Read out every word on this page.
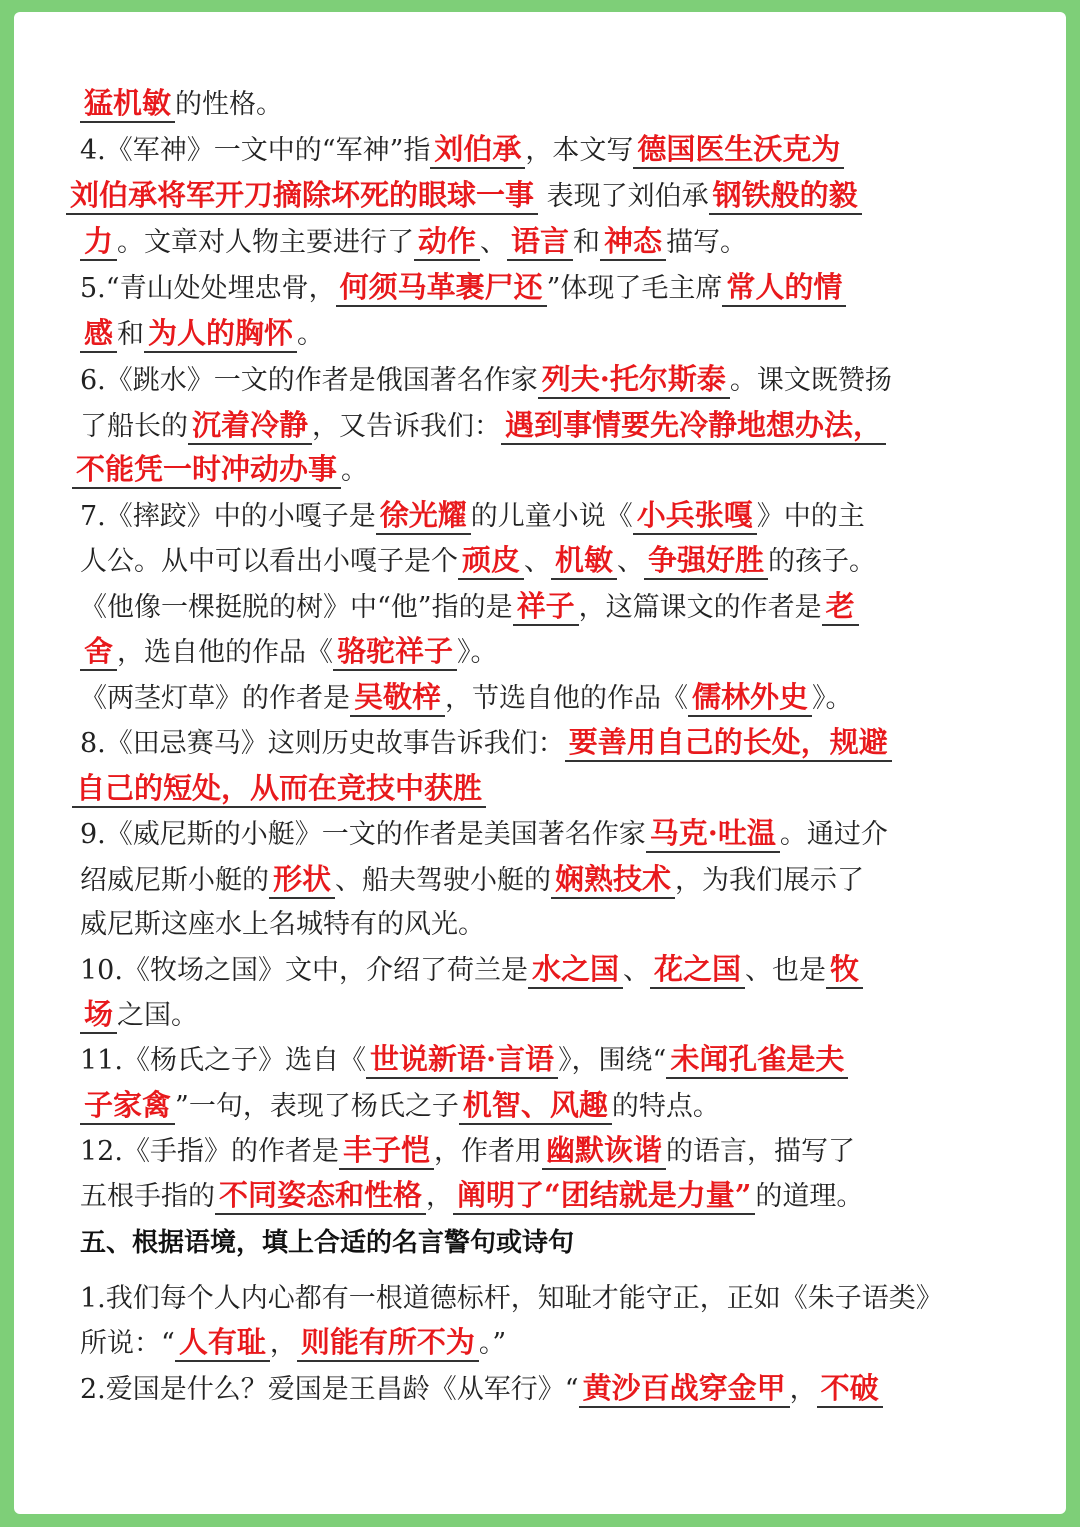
猛机敏 的性格。
4.《军神》一文中的“军神”指 刘伯承 ，本文写 德国医生沃克为
刘伯承将军开刀摘除坏死的眼球一事 表现了刘伯承 钢铁般的毅
力 。文章对人物主要进行了 动作 、 语言 和 神态 描写。
5.“青山处处埋忠骨， 何须马革裹尸还 ”体现了毛主席 常人的情
感 和 为人的胸怀 。
6.《跳水》一文的作者是俄国著名作家 列夫·托尔斯泰 。课文既赞扬
了船长的 沉着冷静 ，又告诉我们： 遇到事情要先冷静地想办法，
不能凭一时冲动办事 。
7.《摔跤》中的小嘎子是 徐光耀 的儿童小说《 小兵张嘎 》中的主
人公。从中可以看出小嘎子是个 顽皮 、 机敏 、 争强好胜 的孩子。
《他像一棵挺脱的树》中“他”指的是 祥子 ，这篇课文的作者是 老
舍 ，选自他的作品《 骆驼祥子 》。
《两茎灯草》的作者是 吴敬梓 ，节选自他的作品《 儒林外史 》。
8.《田忌赛马》这则历史故事告诉我们： 要善用自己的长处，规避
自己的短处，从而在竞技中获胜
9.《威尼斯的小艇》一文的作者是美国著名作家 马克·吐温 。通过介
绍威尼斯小艇的 形状 、船夫驾驶小艇的 娴熟技术 ，为我们展示了
威尼斯这座水上名城特有的风光。
10.《牧场之国》文中，介绍了荷兰是 水之国 、 花之国 、也是 牧
场 之国。
11.《杨氏之子》选自《 世说新语·言语 》，围绕“ 未闻孔雀是夫
子家禽 ”一句，表现了杨氏之子 机智、风趣 的特点。
12.《手指》的作者是 丰子恺 ，作者用 幽默诙谐 的语言，描写了
五根手指的 不同姿态和性格 ， 阐明了“团结就是力量” 的道理。
五、根据语境，填上合适的名言警句或诗句
1.我们每个人内心都有一根道德标杆，知耻才能守正，正如《朱子语类》
所说：“ 人有耻 ， 则能有所不为 。”
2.爱国是什么？爱国是王昌龄《从军行》“ 黄沙百战穿金甲 ， 不破
